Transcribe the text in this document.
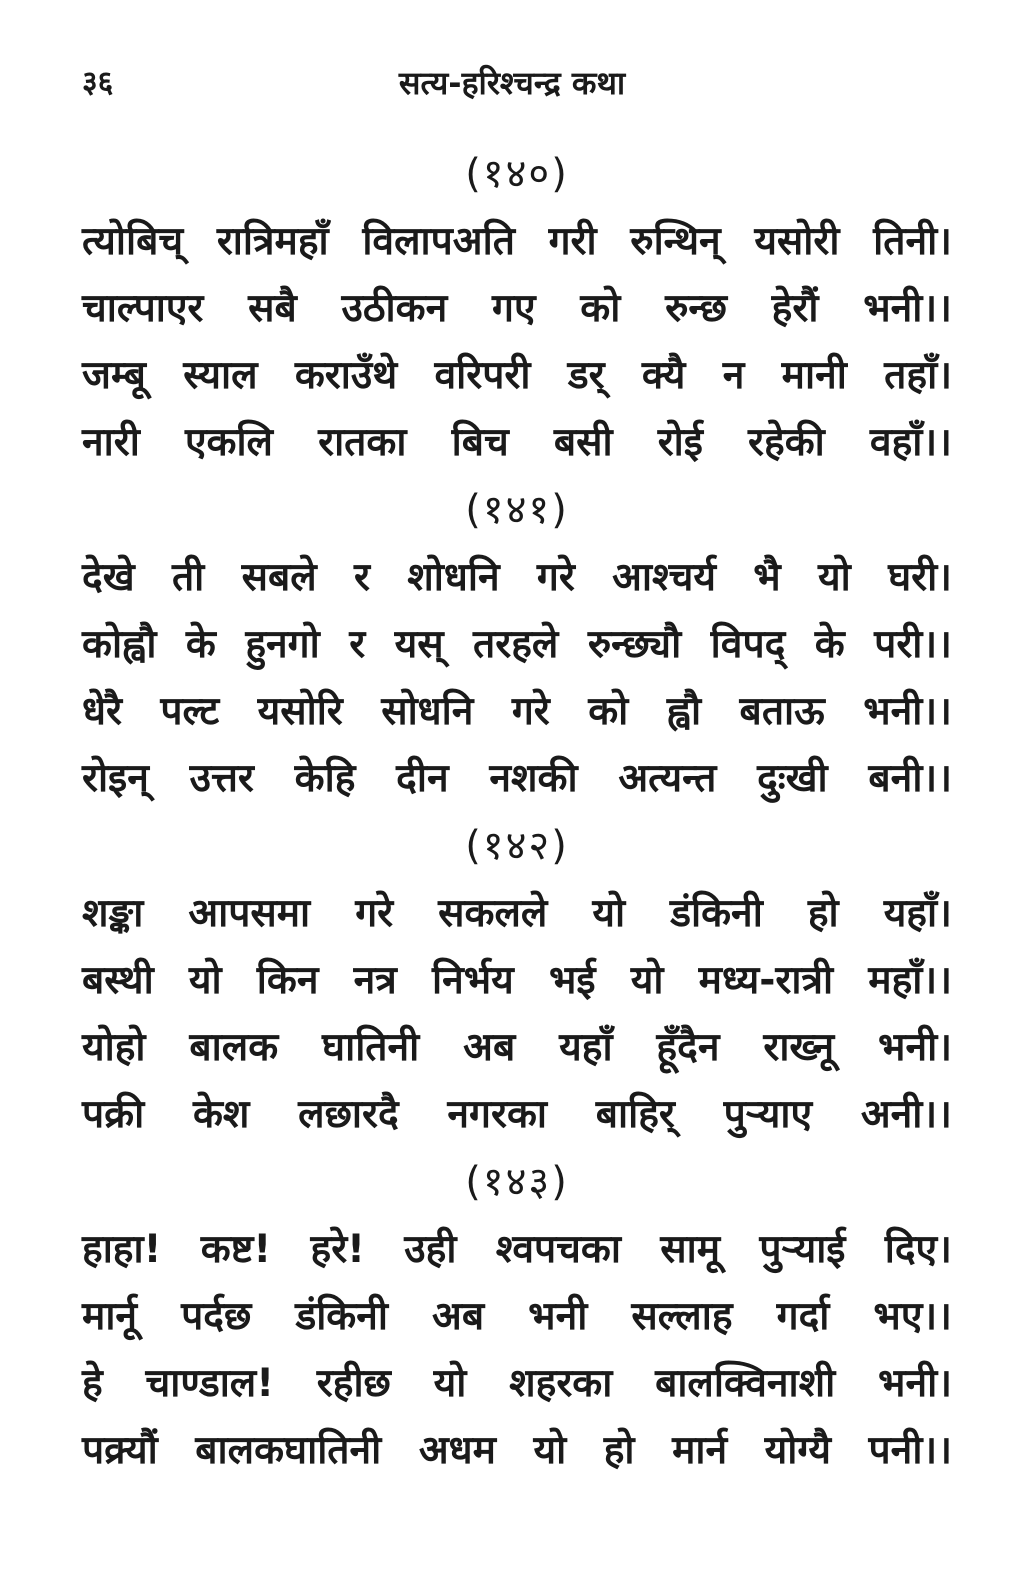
३६	सत्य-हरिश्चन्द्र कथा
(१४०)
त्योबिच् रात्रिमहाँ विलापअति गरी रुन्थिन् यसोरी तिनी।
चाल्पाएर सबै उठीकन गए को रुन्छ हेरौं भनी।।
जम्बू स्याल कराउँथे वरिपरी डर् क्यै न मानी तहाँ।
नारी एकलि रातका बिच बसी रोई रहेकी वहाँ।।
(१४१)
देखे ती सबले र शोधनि गरे आश्चर्य भै यो घरी।
कोह्वौ के हुनगो र यस् तरहले रुन्छ्यौ विपद् के परी।।
धेरै पल्ट यसोरि सोधनि गरे को ह्वौ बताऊ भनी।।
रोइन् उत्तर केहि दीन नशकी अत्यन्त दुःखी बनी।।
(१४२)
शङ्का आपसमा गरे सकलले यो डंकिनी हो यहाँ।
बस्थी यो किन नत्र निर्भय भई यो मध्य-रात्री महाँ।।
योहो बालक घातिनी अब यहाँ हूँदैन राख्नू भनी।
पक्री केश लछारदै नगरका बाहिर् पुऱ्याए अनी।।
(१४३)
हाहा! कष्ट! हरे! उही श्वपचका सामू पुऱ्याई दिए।
मार्नू पर्दछ डंकिनी अब भनी सल्लाह गर्दा भए।।
हे चाण्डाल! रहीछ यो शहरका बालक्विनाशी भनी।
पक्र्यौं बालकघातिनी अधम यो हो मार्न योग्यै पनी।।
